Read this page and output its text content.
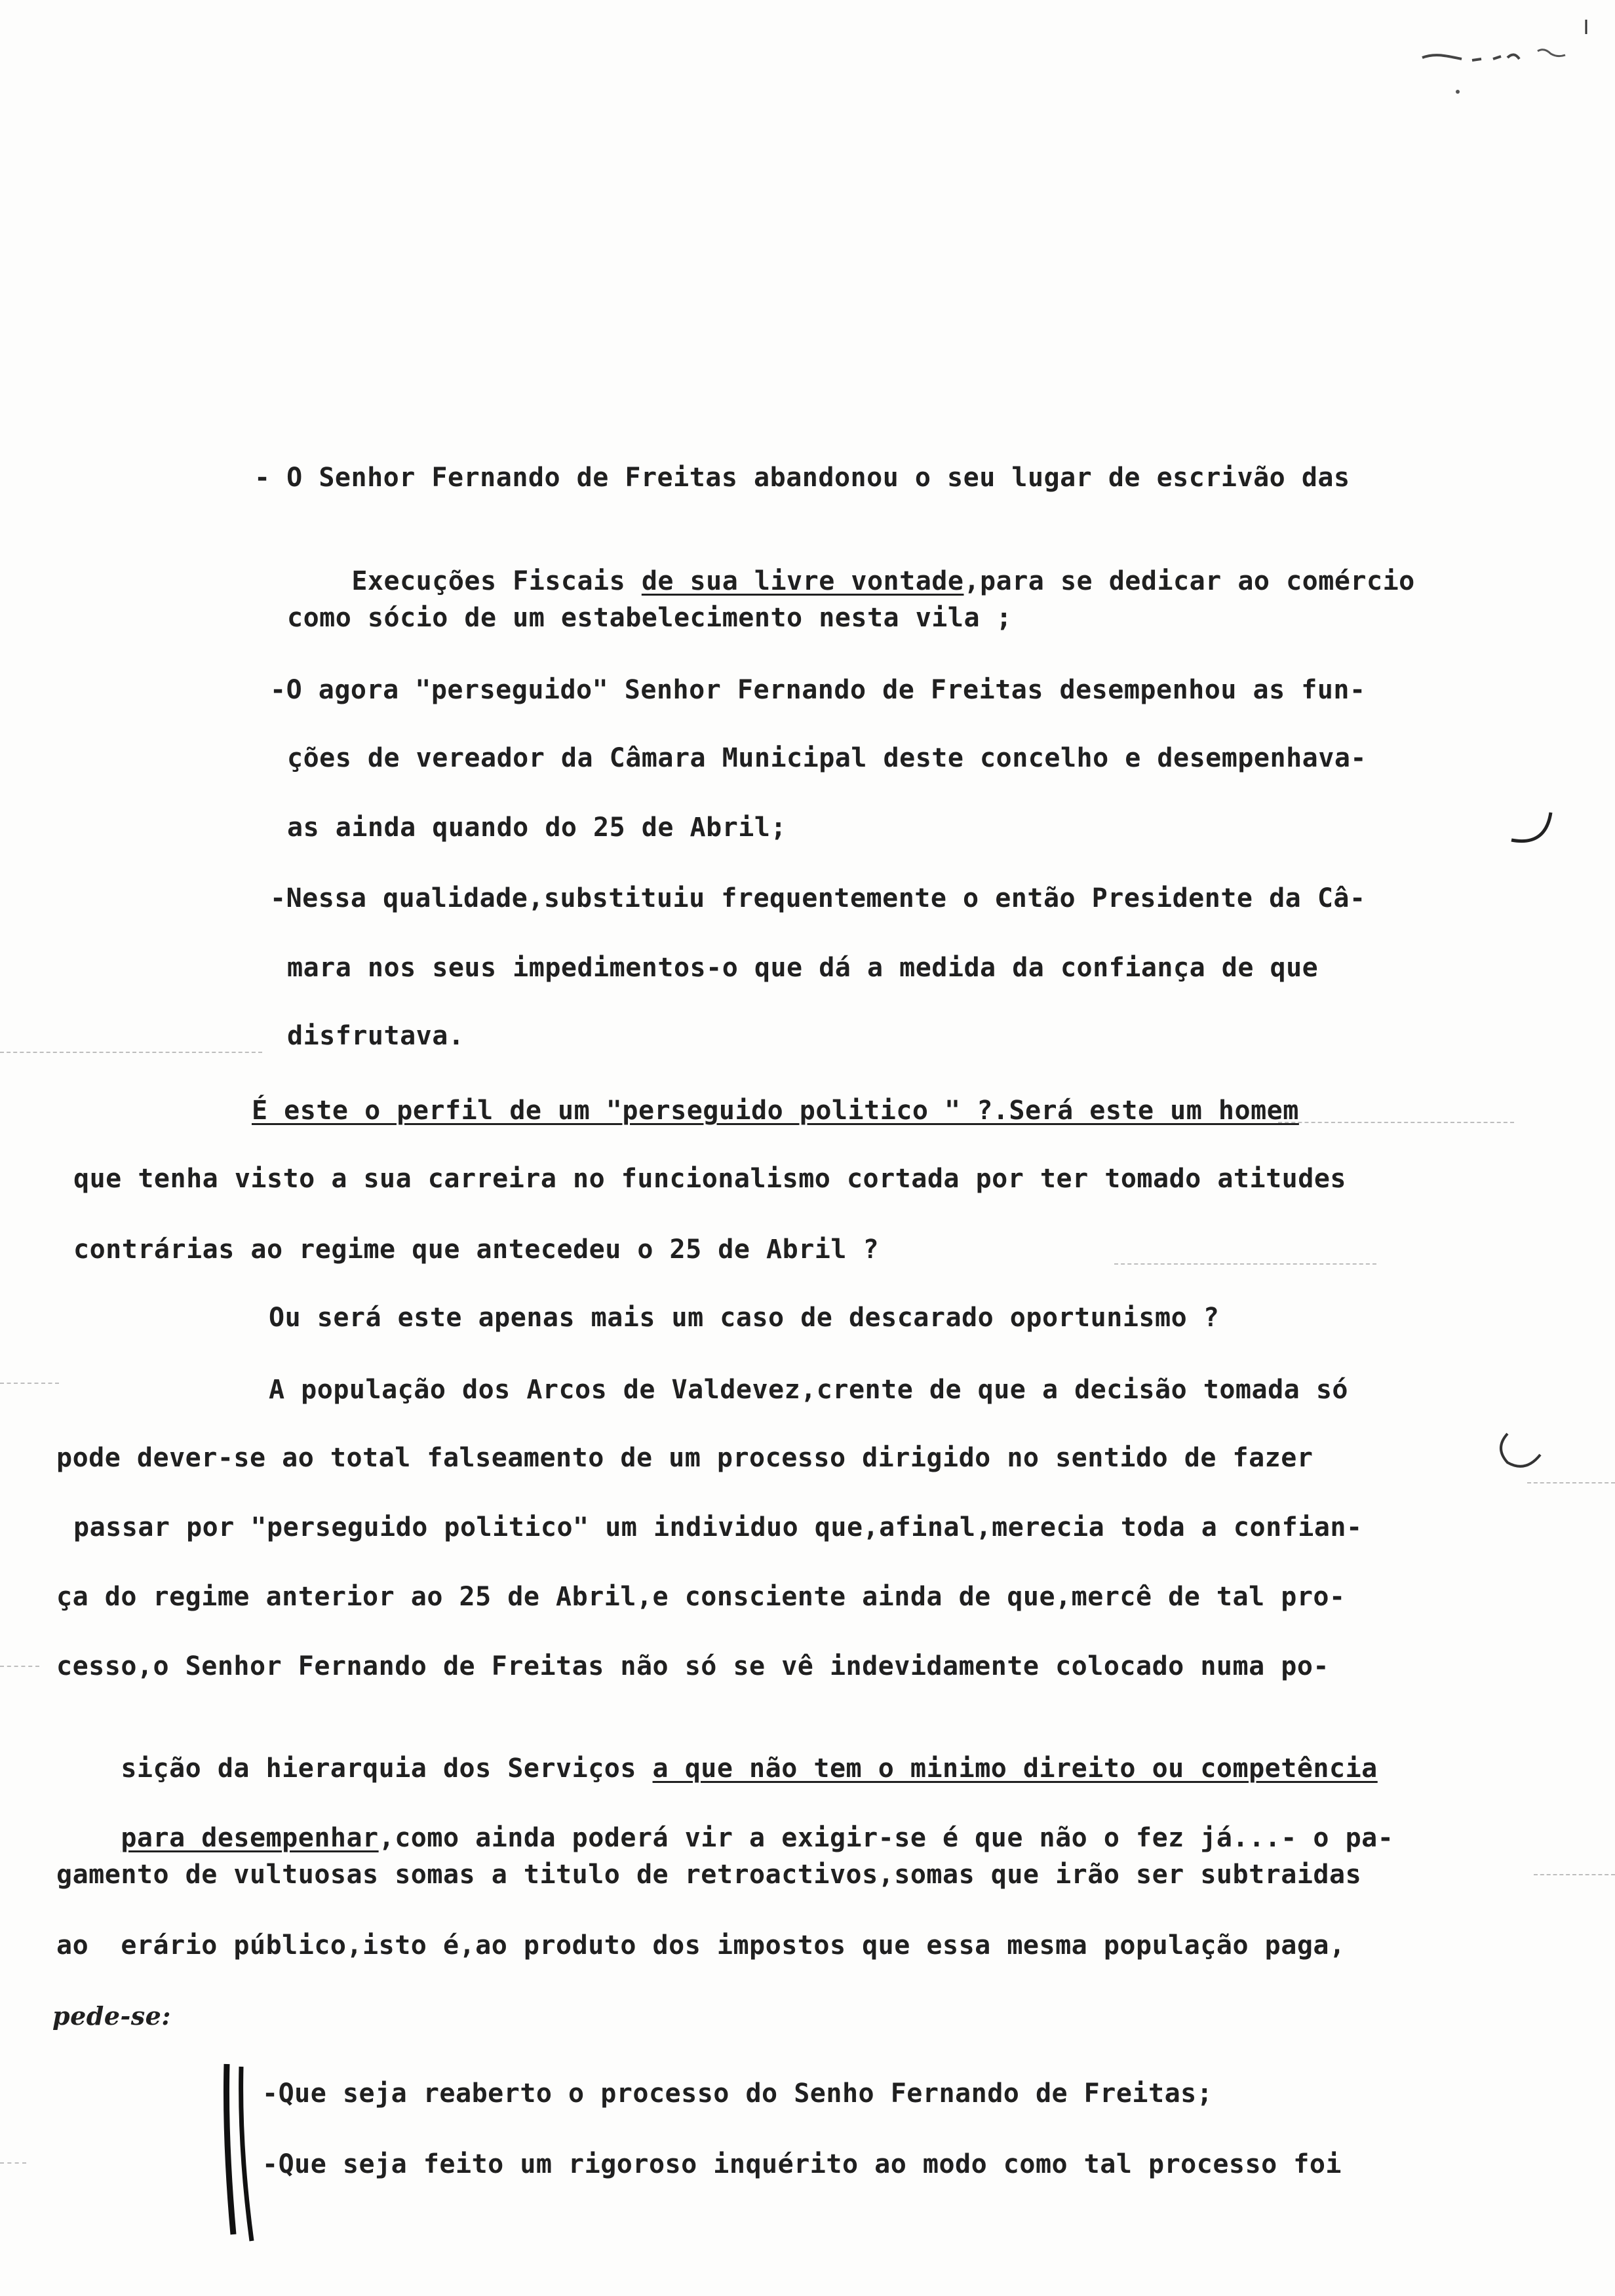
- O Senhor Fernando de Freitas abandonou o seu lugar de escrivão das

Execuções Fiscais de sua livre vontade,para se dedicar ao comércio

como sócio de um estabelecimento nesta vila ;
-O agora "perseguido" Senhor Fernando de Freitas desempenhou as fun-
ções de vereador da Câmara Municipal deste concelho e desempenhava-
as ainda quando do 25 de Abril;
-Nessa qualidade,substituiu frequentemente o então Presidente da Câ-
mara nos seus impedimentos-o que dá a medida da confiança de que
disfrutava.
É este o perfil de um "perseguido politico " ?.Será este um homem
que tenha visto a sua carreira no funcionalismo cortada por ter tomado atitudes
contrárias ao regime que antecedeu o 25 de Abril ?
Ou será este apenas mais um caso de descarado oportunismo ?
A população dos Arcos de Valdevez,crente de que a decisão tomada só
pode dever-se ao total falseamento de um processo dirigido no sentido de fazer
passar por "perseguido politico" um individuo que,afinal,merecia toda a confian-
ça do regime anterior ao 25 de Abril,e consciente ainda de que,mercê de tal pro-
cesso,o Senhor Fernando de Freitas não só se vê indevidamente colocado numa po-

sição da hierarquia dos Serviços a que não tem o minimo direito ou competência

para desempenhar,como ainda poderá vir a exigir-se é que não o fez já...- o pa-

gamento de vultuosas somas a titulo de retroactivos,somas que irão ser subtraidas
ao  erário público,isto é,ao produto dos impostos que essa mesma população paga,
pede-se:
-Que seja reaberto o processo do Senho Fernando de Freitas;
-Que seja feito um rigoroso inquérito ao modo como tal processo foi
